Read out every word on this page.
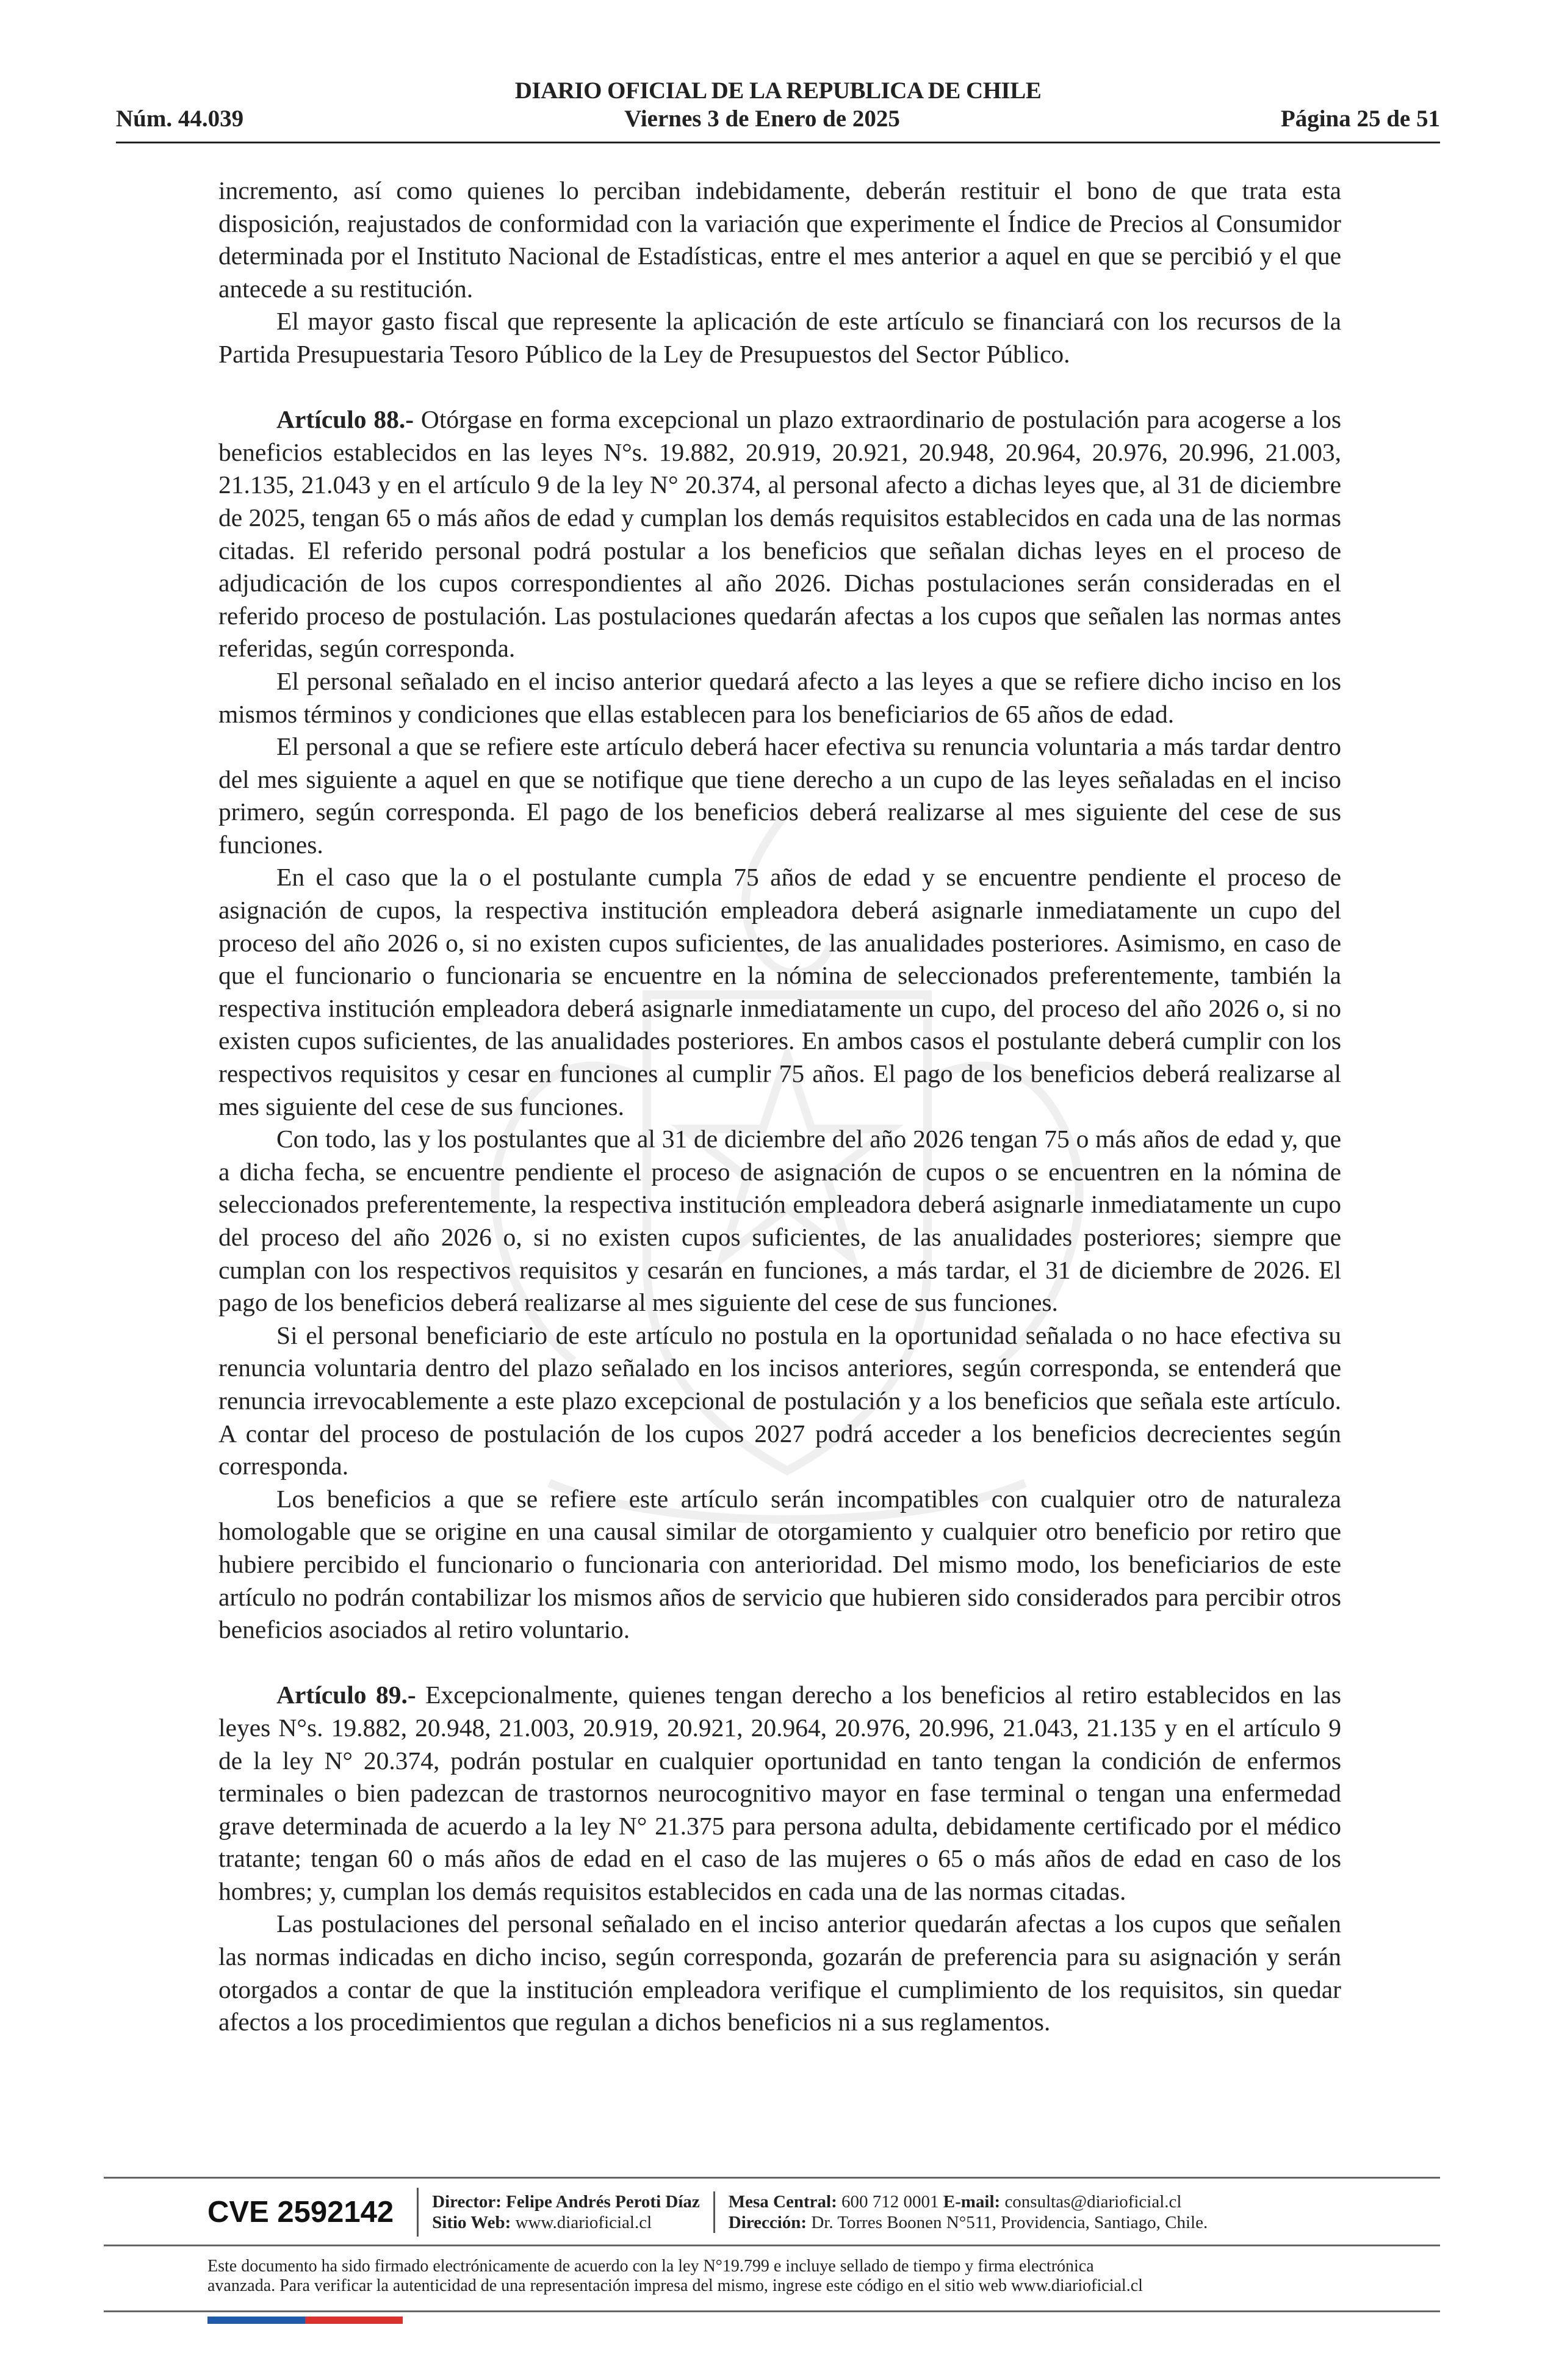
DIARIO OFICIAL DE LA REPUBLICA DE CHILE
Núm. 44.039	Viernes 3 de Enero de 2025	Página 25 de 51

incremento, así como quienes lo perciban indebidamente, deberán restituir el bono de que trata esta disposición, reajustados de conformidad con la variación que experimente el Índice de Precios al Consumidor determinada por el Instituto Nacional de Estadísticas, entre el mes anterior a aquel en que se percibió y el que antecede a su restitución.

El mayor gasto fiscal que represente la aplicación de este artículo se financiará con los recursos de la Partida Presupuestaria Tesoro Público de la Ley de Presupuestos del Sector Público.

Artículo 88.- Otórgase en forma excepcional un plazo extraordinario de postulación para acogerse a los beneficios establecidos en las leyes N°s. 19.882, 20.919, 20.921, 20.948, 20.964, 20.976, 20.996, 21.003, 21.135, 21.043 y en el artículo 9 de la ley N° 20.374, al personal afecto a dichas leyes que, al 31 de diciembre de 2025, tengan 65 o más años de edad y cumplan los demás requisitos establecidos en cada una de las normas citadas. El referido personal podrá postular a los beneficios que señalan dichas leyes en el proceso de adjudicación de los cupos correspondientes al año 2026. Dichas postulaciones serán consideradas en el referido proceso de postulación. Las postulaciones quedarán afectas a los cupos que señalen las normas antes referidas, según corresponda.

El personal señalado en el inciso anterior quedará afecto a las leyes a que se refiere dicho inciso en los mismos términos y condiciones que ellas establecen para los beneficiarios de 65 años de edad.

El personal a que se refiere este artículo deberá hacer efectiva su renuncia voluntaria a más tardar dentro del mes siguiente a aquel en que se notifique que tiene derecho a un cupo de las leyes señaladas en el inciso primero, según corresponda. El pago de los beneficios deberá realizarse al mes siguiente del cese de sus funciones.

En el caso que la o el postulante cumpla 75 años de edad y se encuentre pendiente el proceso de asignación de cupos, la respectiva institución empleadora deberá asignarle inmediatamente un cupo del proceso del año 2026 o, si no existen cupos suficientes, de las anualidades posteriores. Asimismo, en caso de que el funcionario o funcionaria se encuentre en la nómina de seleccionados preferentemente, también la respectiva institución empleadora deberá asignarle inmediatamente un cupo, del proceso del año 2026 o, si no existen cupos suficientes, de las anualidades posteriores. En ambos casos el postulante deberá cumplir con los respectivos requisitos y cesar en funciones al cumplir 75 años. El pago de los beneficios deberá realizarse al mes siguiente del cese de sus funciones.

Con todo, las y los postulantes que al 31 de diciembre del año 2026 tengan 75 o más años de edad y, que a dicha fecha, se encuentre pendiente el proceso de asignación de cupos o se encuentren en la nómina de seleccionados preferentemente, la respectiva institución empleadora deberá asignarle inmediatamente un cupo del proceso del año 2026 o, si no existen cupos suficientes, de las anualidades posteriores; siempre que cumplan con los respectivos requisitos y cesarán en funciones, a más tardar, el 31 de diciembre de 2026. El pago de los beneficios deberá realizarse al mes siguiente del cese de sus funciones.

Si el personal beneficiario de este artículo no postula en la oportunidad señalada o no hace efectiva su renuncia voluntaria dentro del plazo señalado en los incisos anteriores, según corresponda, se entenderá que renuncia irrevocablemente a este plazo excepcional de postulación y a los beneficios que señala este artículo. A contar del proceso de postulación de los cupos 2027 podrá acceder a los beneficios decrecientes según corresponda.

Los beneficios a que se refiere este artículo serán incompatibles con cualquier otro de naturaleza homologable que se origine en una causal similar de otorgamiento y cualquier otro beneficio por retiro que hubiere percibido el funcionario o funcionaria con anterioridad. Del mismo modo, los beneficiarios de este artículo no podrán contabilizar los mismos años de servicio que hubieren sido considerados para percibir otros beneficios asociados al retiro voluntario.

Artículo 89.- Excepcionalmente, quienes tengan derecho a los beneficios al retiro establecidos en las leyes N°s. 19.882, 20.948, 21.003, 20.919, 20.921, 20.964, 20.976, 20.996, 21.043, 21.135 y en el artículo 9 de la ley N° 20.374, podrán postular en cualquier oportunidad en tanto tengan la condición de enfermos terminales o bien padezcan de trastornos neurocognitivo mayor en fase terminal o tengan una enfermedad grave determinada de acuerdo a la ley N° 21.375 para persona adulta, debidamente certificado por el médico tratante; tengan 60 o más años de edad en el caso de las mujeres o 65 o más años de edad en caso de los hombres; y, cumplan los demás requisitos establecidos en cada una de las normas citadas.

Las postulaciones del personal señalado en el inciso anterior quedarán afectas a los cupos que señalen las normas indicadas en dicho inciso, según corresponda, gozarán de preferencia para su asignación y serán otorgados a contar de que la institución empleadora verifique el cumplimiento de los requisitos, sin quedar afectos a los procedimientos que regulan a dichos beneficios ni a sus reglamentos.

CVE 2592142	Director: Felipe Andrés Peroti Díaz
Sitio Web: www.diarioficial.cl
Mesa Central: 600 712 0001 E-mail: consultas@diarioficial.cl
Dirección: Dr. Torres Boonen N°511, Providencia, Santiago, Chile.
Este documento ha sido firmado electrónicamente de acuerdo con la ley N°19.799 e incluye sellado de tiempo y firma electrónica
avanzada. Para verificar la autenticidad de una representación impresa del mismo, ingrese este código en el sitio web www.diarioficial.cl
